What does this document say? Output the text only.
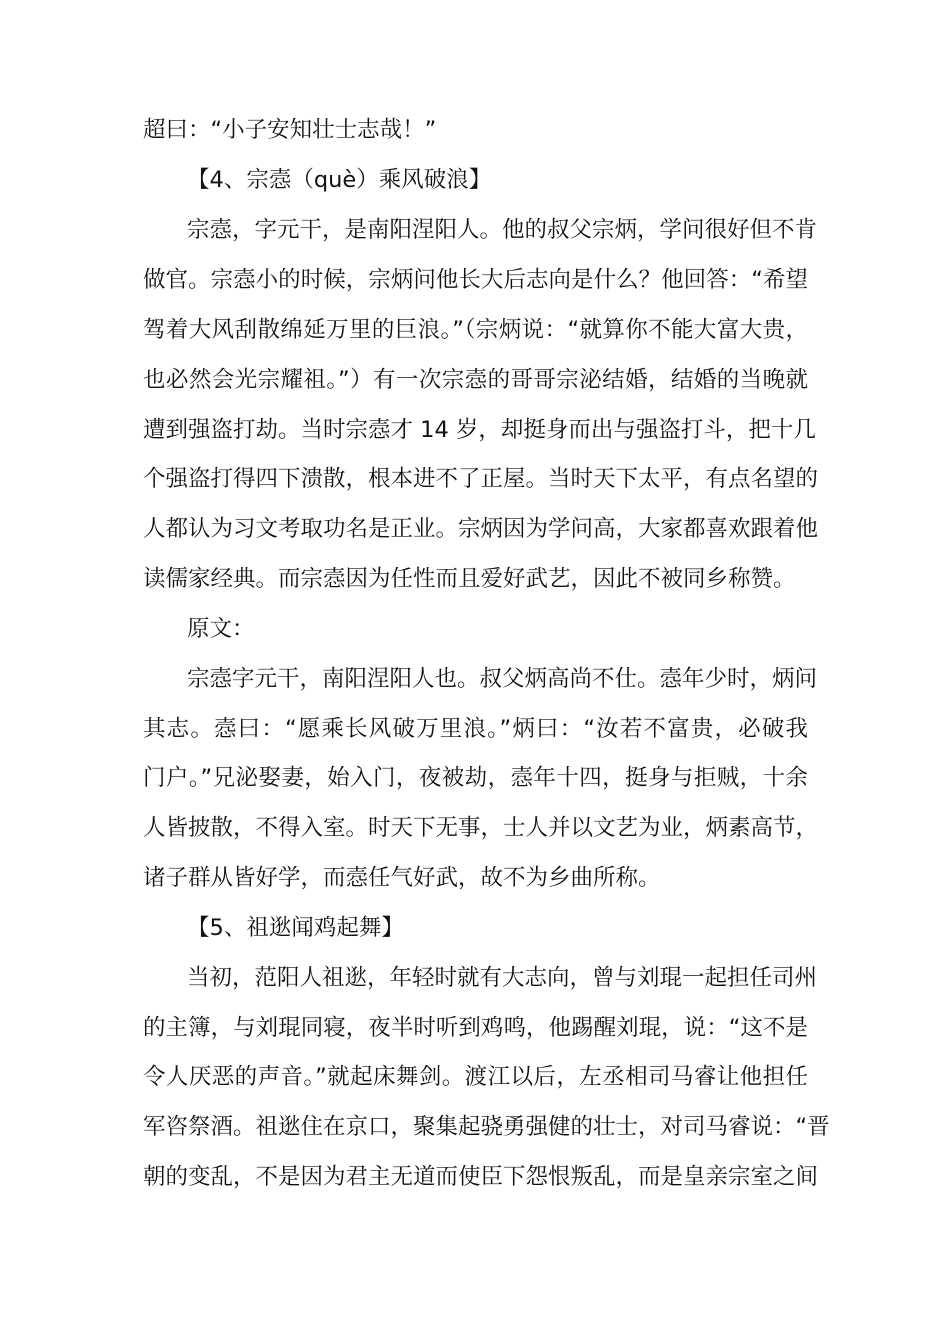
超曰：“小子安知壮士志哉！”
【4、宗悫（què）乘风破浪】
宗悫，字元干，是南阳涅阳人。他的叔父宗炳，学问很好但不肯
做官。宗悫小的时候，宗炳问他长大后志向是什么？他回答：“希望
驾着大风刮散绵延万里的巨浪。”（宗炳说：“就算你不能大富大贵，
也必然会光宗耀祖。”）有一次宗悫的哥哥宗泌结婚，结婚的当晚就
遭到强盗打劫。当时宗悫才 14 岁，却挺身而出与强盗打斗，把十几
个强盗打得四下溃散，根本进不了正屋。当时天下太平，有点名望的
人都认为习文考取功名是正业。宗炳因为学问高，大家都喜欢跟着他
读儒家经典。而宗悫因为任性而且爱好武艺，因此不被同乡称赞。
原文：
宗悫字元干，南阳涅阳人也。叔父炳高尚不仕。悫年少时，炳问
其志。悫曰：“愿乘长风破万里浪。”炳曰：“汝若不富贵，必破我
门户。”兄泌娶妻，始入门，夜被劫，悫年十四，挺身与拒贼，十余
人皆披散，不得入室。时天下无事，士人并以文艺为业，炳素高节，
诸子群从皆好学，而悫任气好武，故不为乡曲所称。
【5、祖逖闻鸡起舞】
当初，范阳人祖逖，年轻时就有大志向，曾与刘琨一起担任司州
的主簿，与刘琨同寝，夜半时听到鸡鸣，他踢醒刘琨，说：“这不是
令人厌恶的声音。”就起床舞剑。渡江以后，左丞相司马睿让他担任
军咨祭酒。祖逖住在京口，聚集起骁勇强健的壮士，对司马睿说：“晋
朝的变乱，不是因为君主无道而使臣下怨恨叛乱，而是皇亲宗室之间
